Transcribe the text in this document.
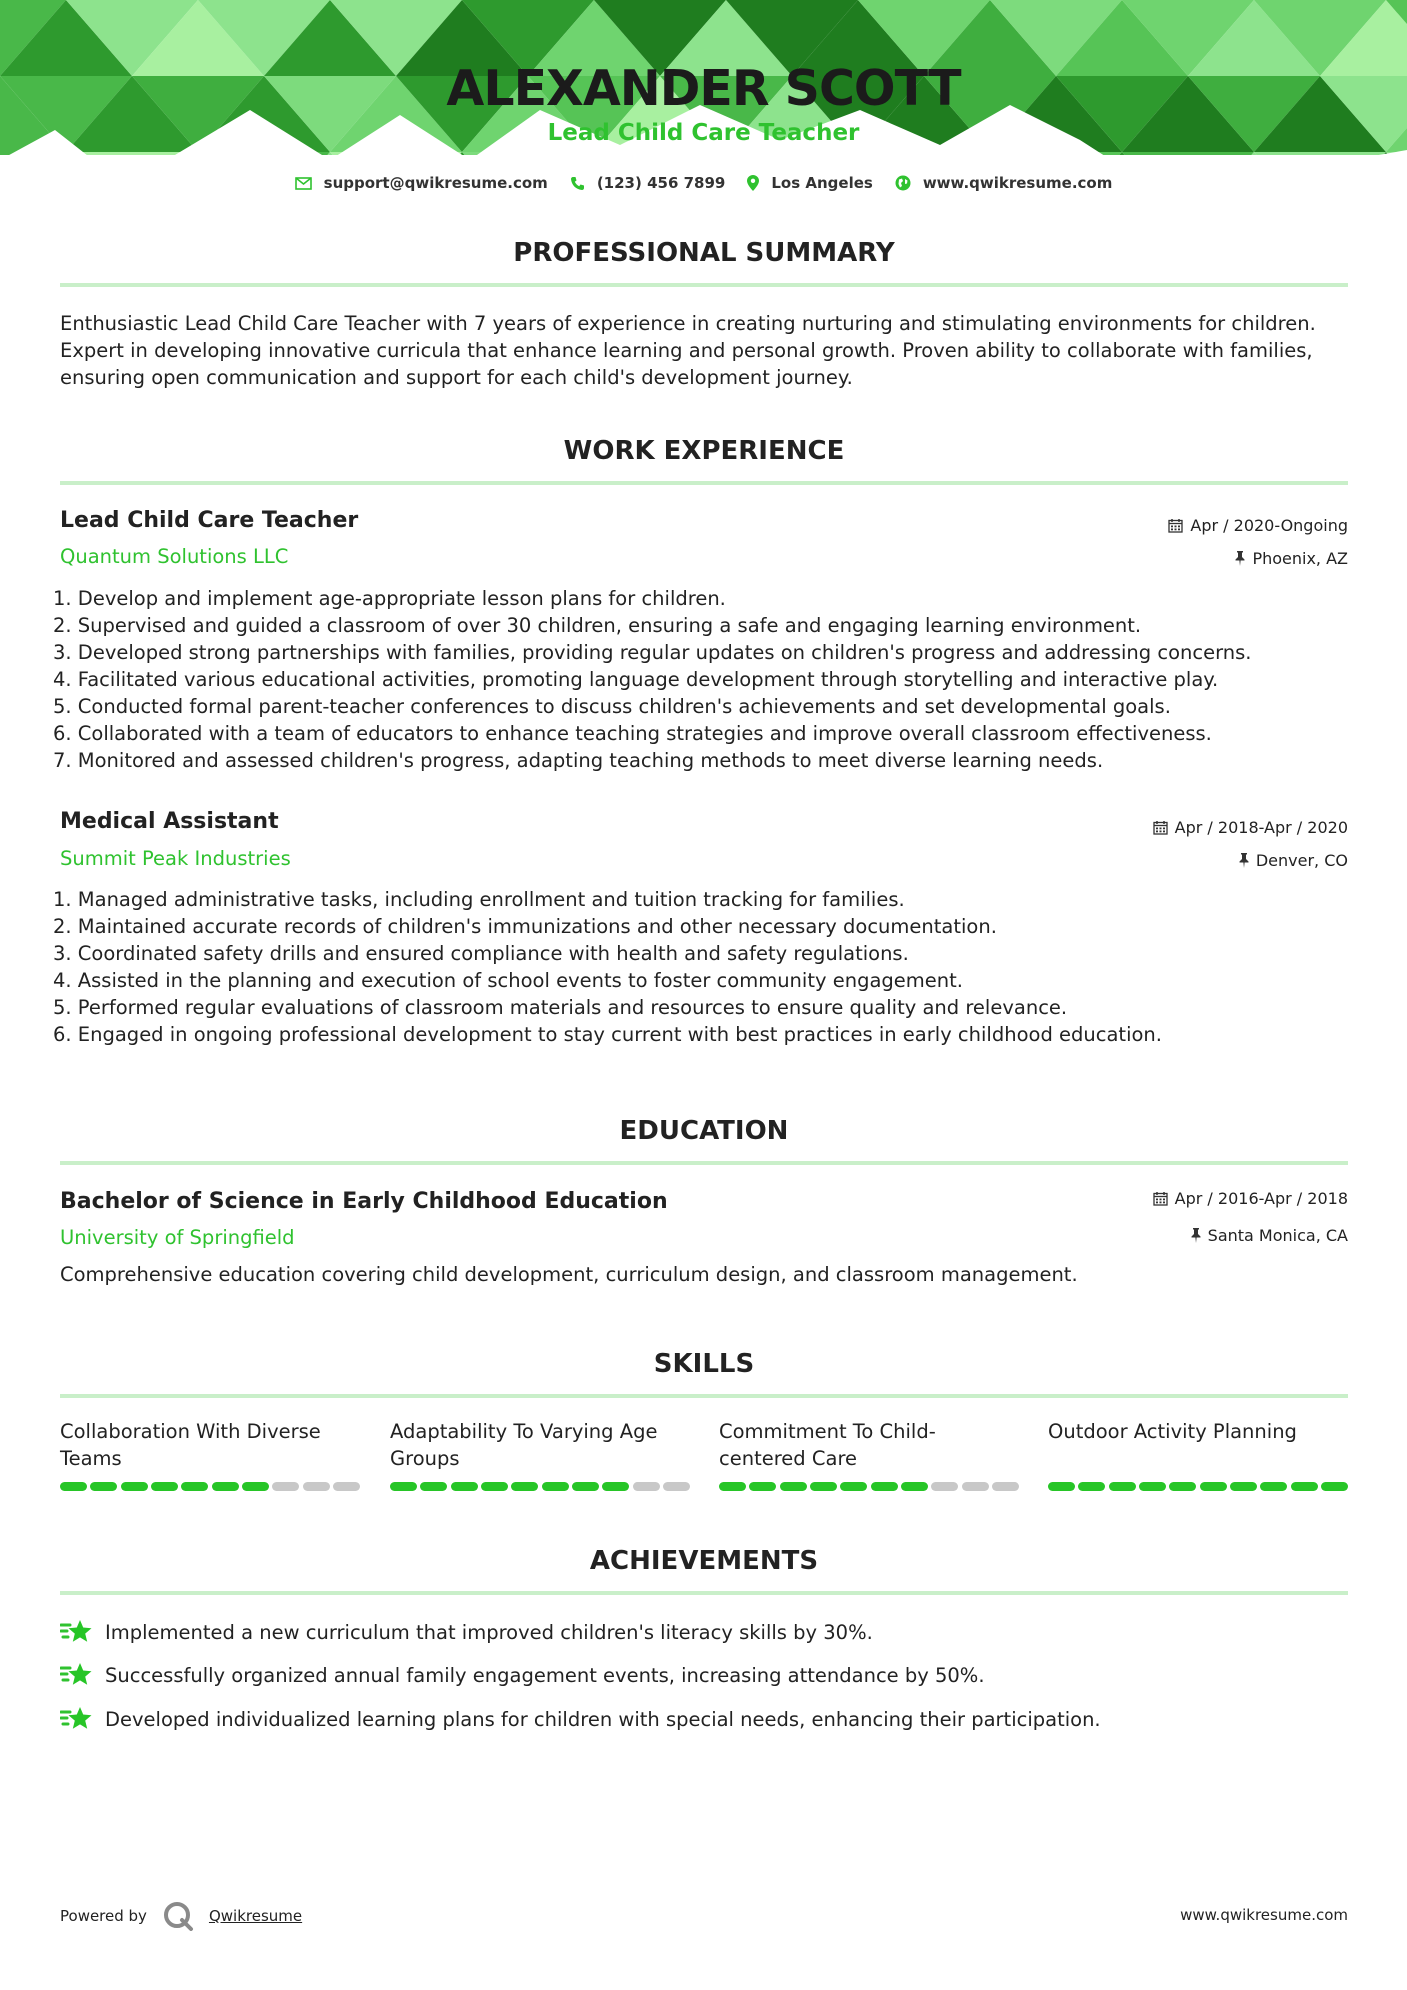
ALEXANDER SCOTT
Lead Child Care Teacher
support@qwikresume.com	(123) 456 7899	Los Angeles	www.qwikresume.com
PROFESSIONAL SUMMARY
Enthusiastic Lead Child Care Teacher with 7 years of experience in creating nurturing and stimulating environments for children.
Expert in developing innovative curricula that enhance learning and personal growth. Proven ability to collaborate with families,
ensuring open communication and support for each child's development journey.
WORK EXPERIENCE
Lead Child Care Teacher
Quantum Solutions LLC
Apr / 2020-Ongoing
Phoenix, AZ
1. Develop and implement age-appropriate lesson plans for children.
2. Supervised and guided a classroom of over 30 children, ensuring a safe and engaging learning environment.
3. Developed strong partnerships with families, providing regular updates on children's progress and addressing concerns.
4. Facilitated various educational activities, promoting language development through storytelling and interactive play.
5. Conducted formal parent-teacher conferences to discuss children's achievements and set developmental goals.
6. Collaborated with a team of educators to enhance teaching strategies and improve overall classroom effectiveness.
7. Monitored and assessed children's progress, adapting teaching methods to meet diverse learning needs.
Medical Assistant
Summit Peak Industries
Apr / 2018-Apr / 2020
Denver, CO
1. Managed administrative tasks, including enrollment and tuition tracking for families.
2. Maintained accurate records of children's immunizations and other necessary documentation.
3. Coordinated safety drills and ensured compliance with health and safety regulations.
4. Assisted in the planning and execution of school events to foster community engagement.
5. Performed regular evaluations of classroom materials and resources to ensure quality and relevance.
6. Engaged in ongoing professional development to stay current with best practices in early childhood education.
EDUCATION
Bachelor of Science in Early Childhood Education
University of Springfield
Apr / 2016-Apr / 2018
Santa Monica, CA
Comprehensive education covering child development, curriculum design, and classroom management.
SKILLS
Collaboration With Diverse Teams
Adaptability To Varying Age Groups
Commitment To Child-centered Care
Outdoor Activity Planning
ACHIEVEMENTS
Implemented a new curriculum that improved children's literacy skills by 30%.
Successfully organized annual family engagement events, increasing attendance by 50%.
Developed individualized learning plans for children with special needs, enhancing their participation.
Powered by	Qwikresume	www.qwikresume.com
